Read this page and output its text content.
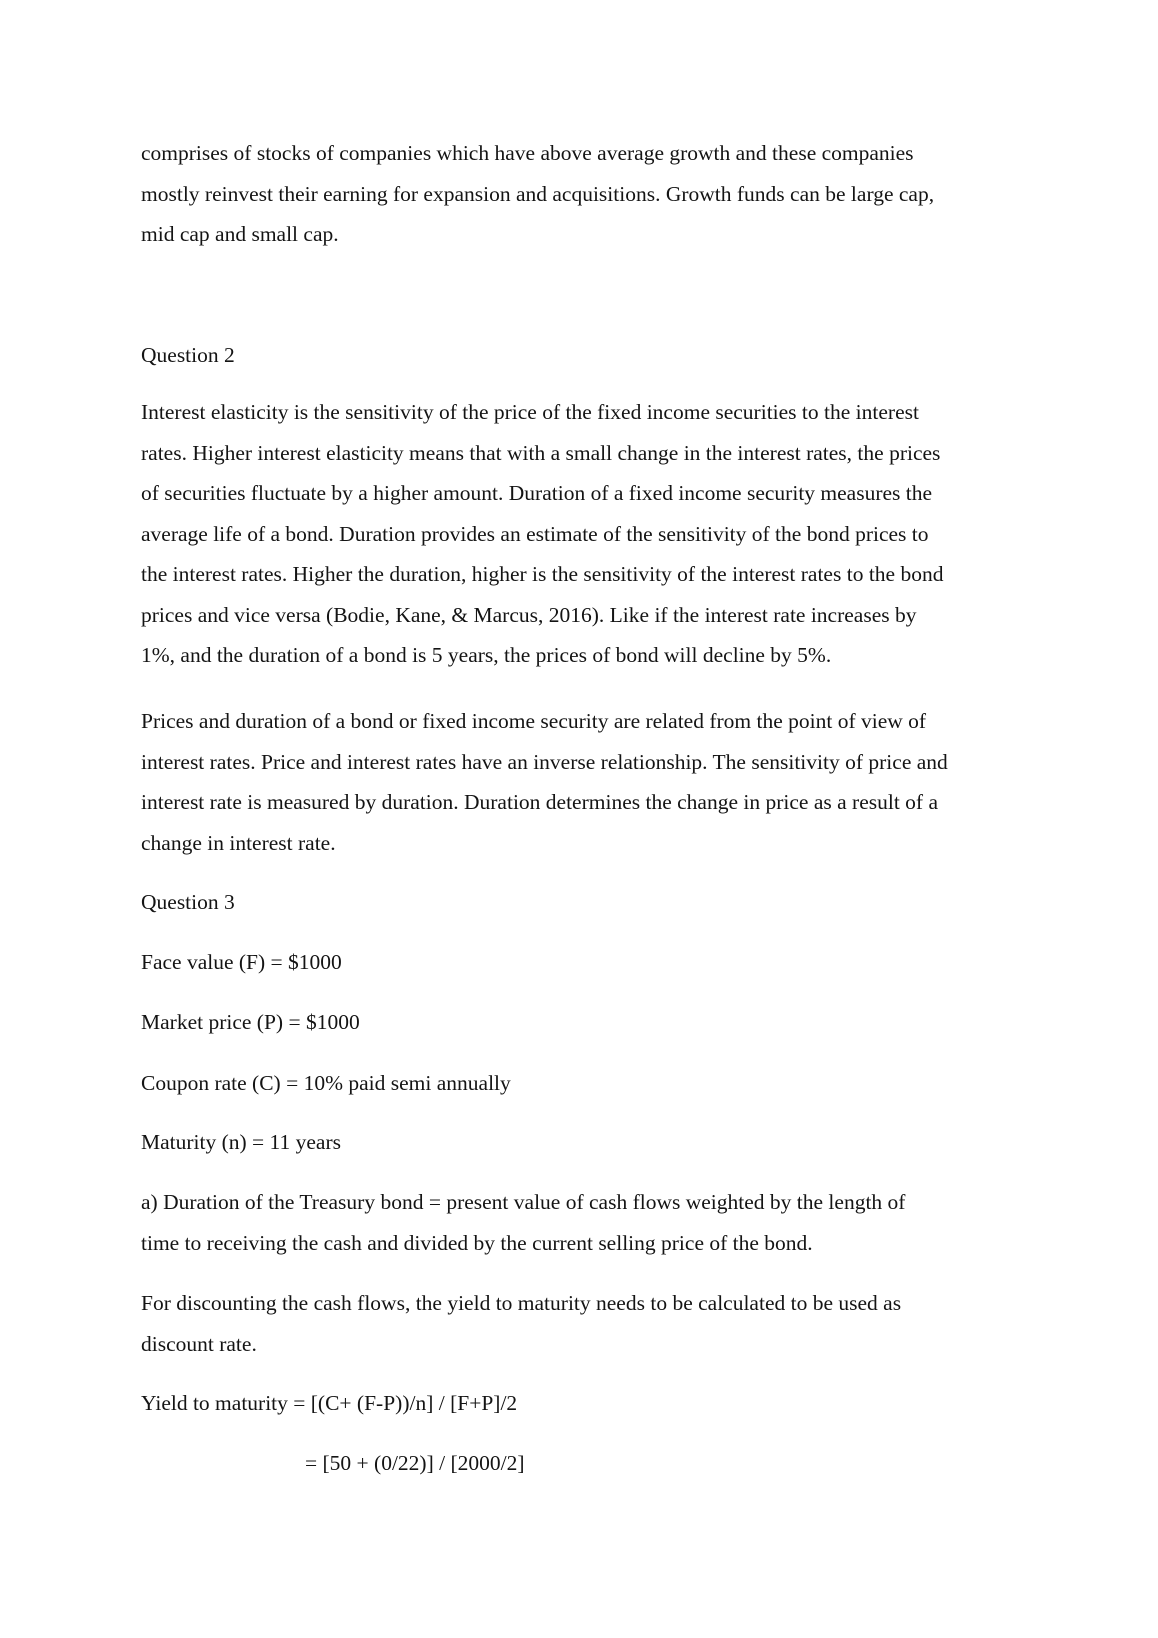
comprises of stocks of companies which have above average growth and these companies
mostly reinvest their earning for expansion and acquisitions. Growth funds can be large cap,
mid cap and small cap.
Question 2
Interest elasticity is the sensitivity of the price of the fixed income securities to the interest
rates. Higher interest elasticity means that with a small change in the interest rates, the prices
of securities fluctuate by a higher amount. Duration of a fixed income security measures the
average life of a bond. Duration provides an estimate of the sensitivity of the bond prices to
the interest rates. Higher the duration, higher is the sensitivity of the interest rates to the bond
prices and vice versa (Bodie, Kane, & Marcus, 2016). Like if the interest rate increases by
1%, and the duration of a bond is 5 years, the prices of bond will decline by 5%.
Prices and duration of a bond or fixed income security are related from the point of view of
interest rates. Price and interest rates have an inverse relationship. The sensitivity of price and
interest rate is measured by duration. Duration determines the change in price as a result of a
change in interest rate.
Question 3
Face value (F) = $1000
Market price (P) = $1000
Coupon rate (C) = 10% paid semi annually
Maturity (n) = 11 years
a) Duration of the Treasury bond = present value of cash flows weighted by the length of
time to receiving the cash and divided by the current selling price of the bond.
For discounting the cash flows, the yield to maturity needs to be calculated to be used as
discount rate.
Yield to maturity = [(C+ (F-P))/n] / [F+P]/2
= [50 + (0/22)] / [2000/2]
